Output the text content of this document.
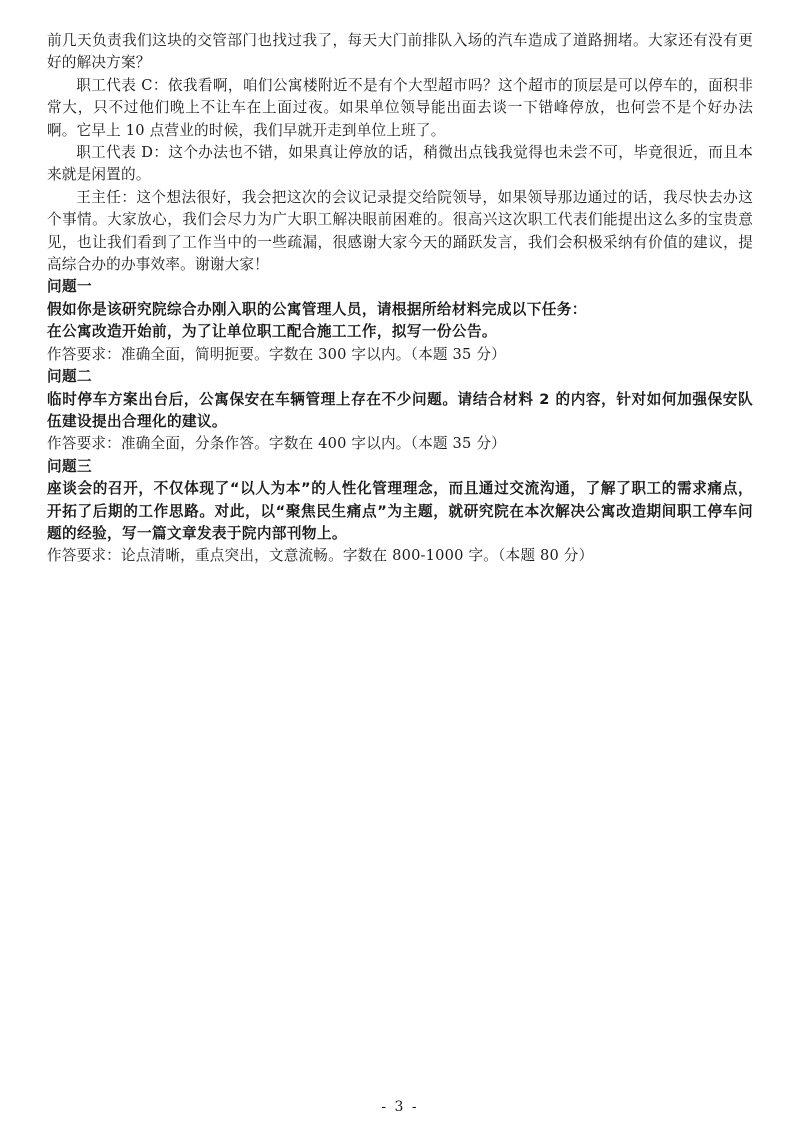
前几天负责我们这块的交管部门也找过我了，每天大门前排队入场的汽车造成了道路拥堵。大家还有没有更好的解决方案？

职工代表 C：依我看啊，咱们公寓楼附近不是有个大型超市吗？这个超市的顶层是可以停车的，面积非常大，只不过他们晚上不让车在上面过夜。如果单位领导能出面去谈一下错峰停放，也何尝不是个好办法啊。它早上 10 点营业的时候，我们早就开走到单位上班了。

职工代表 D：这个办法也不错，如果真让停放的话，稍微出点钱我觉得也未尝不可，毕竟很近，而且本来就是闲置的。

王主任：这个想法很好，我会把这次的会议记录提交给院领导，如果领导那边通过的话，我尽快去办这个事情。大家放心，我们会尽力为广大职工解决眼前困难的。很高兴这次职工代表们能提出这么多的宝贵意见，也让我们看到了工作当中的一些疏漏，很感谢大家今天的踊跃发言，我们会积极采纳有价值的建议，提高综合办的办事效率。谢谢大家！

问题一

假如你是该研究院综合办刚入职的公寓管理人员，请根据所给材料完成以下任务：

在公寓改造开始前，为了让单位职工配合施工工作，拟写一份公告。

作答要求：准确全面，简明扼要。字数在 300 字以内。（本题 35 分）

问题二

临时停车方案出台后，公寓保安在车辆管理上存在不少问题。请结合材料 2 的内容，针对如何加强保安队伍建设提出合理化的建议。

作答要求：准确全面，分条作答。字数在 400 字以内。（本题 35 分）

问题三

座谈会的召开，不仅体现了“以人为本”的人性化管理理念，而且通过交流沟通，了解了职工的需求痛点，开拓了后期的工作思路。对此，以“聚焦民生痛点”为主题，就研究院在本次解决公寓改造期间职工停车问题的经验，写一篇文章发表于院内部刊物上。

作答要求：论点清晰，重点突出，文意流畅。字数在 800-1000 字。（本题 80 分）

- 3 -
